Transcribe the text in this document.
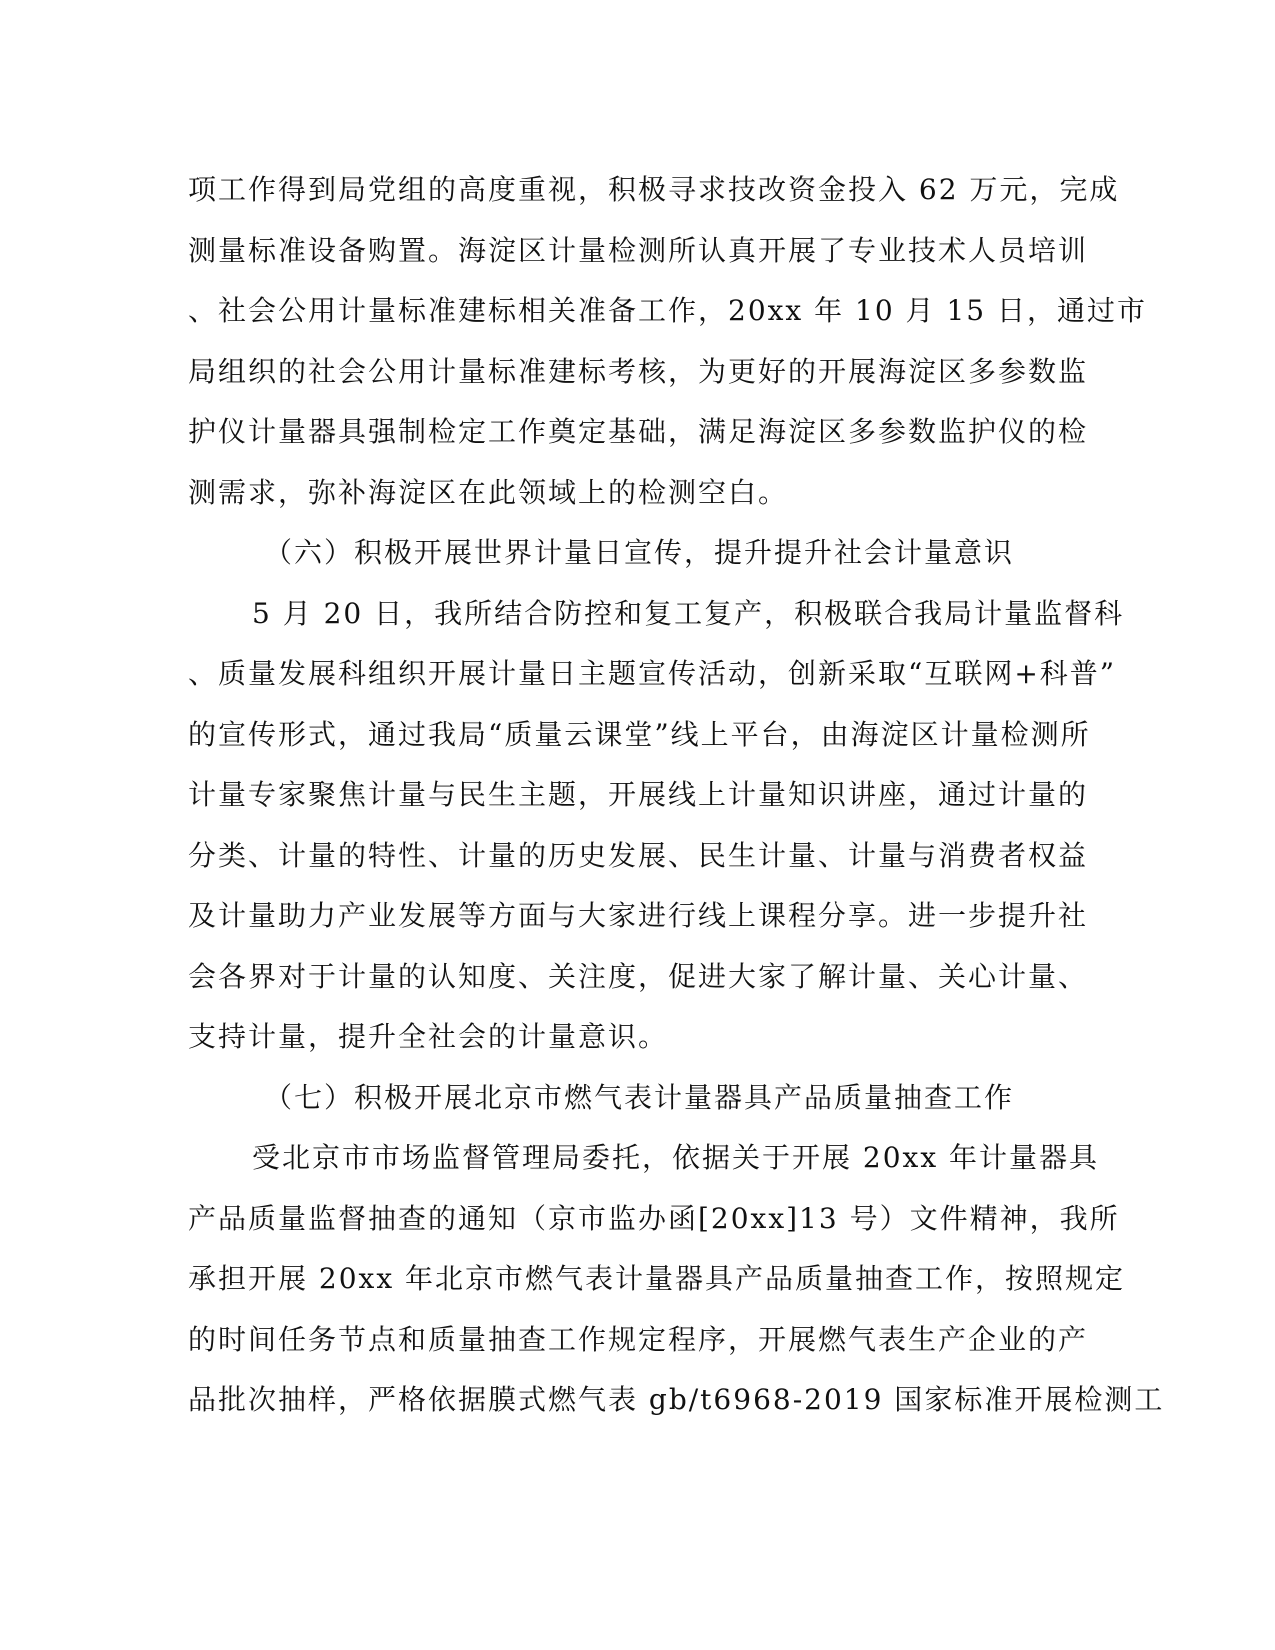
项工作得到局党组的高度重视，积极寻求技改资金投入 62 万元，完成
测量标准设备购置。海淀区计量检测所认真开展了专业技术人员培训
、社会公用计量标准建标相关准备工作，20xx 年 10 月 15 日，通过市
局组织的社会公用计量标准建标考核，为更好的开展海淀区多参数监
护仪计量器具强制检定工作奠定基础，满足海淀区多参数监护仪的检
测需求，弥补海淀区在此领域上的检测空白。
（六）积极开展世界计量日宣传，提升提升社会计量意识
5 月 20 日，我所结合防控和复工复产，积极联合我局计量监督科
、质量发展科组织开展计量日主题宣传活动，创新采取“互联网+科普”
的宣传形式，通过我局“质量云课堂”线上平台，由海淀区计量检测所
计量专家聚焦计量与民生主题，开展线上计量知识讲座，通过计量的
分类、计量的特性、计量的历史发展、民生计量、计量与消费者权益
及计量助力产业发展等方面与大家进行线上课程分享。进一步提升社
会各界对于计量的认知度、关注度，促进大家了解计量、关心计量、
支持计量，提升全社会的计量意识。
（七）积极开展北京市燃气表计量器具产品质量抽查工作
受北京市市场监督管理局委托，依据关于开展 20xx 年计量器具
产品质量监督抽查的通知（京市监办函[20xx]13 号）文件精神，我所
承担开展 20xx 年北京市燃气表计量器具产品质量抽查工作，按照规定
的时间任务节点和质量抽查工作规定程序，开展燃气表生产企业的产
品批次抽样，严格依据膜式燃气表 gb/t6968-2019 国家标准开展检测工
